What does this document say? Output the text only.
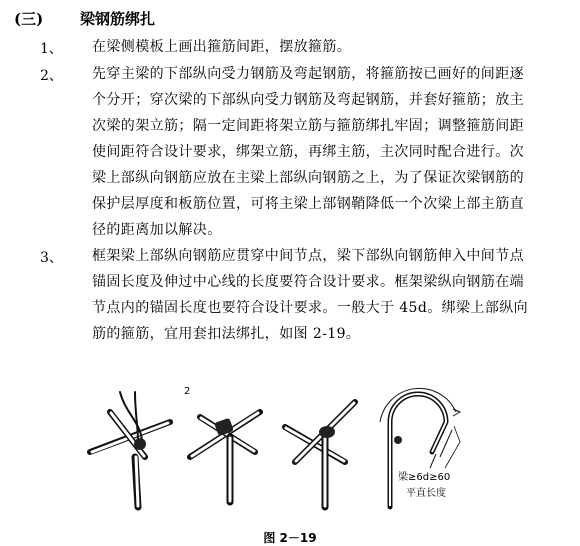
(三) 梁钢筋绑扎
1、 在梁侧模板上画出箍筋间距，摆放箍筋。
2、 先穿主梁的下部纵向受力钢筋及弯起钢筋，将箍筋按已画好的间距逐
个分开；穿次梁的下部纵向受力钢筋及弯起钢筋，并套好箍筋；放主
次梁的架立筋；隔一定间距将架立筋与箍筋绑扎牢固；调整箍筋间距
使间距符合设计要求，绑架立筋，再绑主筋，主次同时配合进行。次
梁上部纵向钢筋应放在主梁上部纵向钢筋之上，为了保证次梁钢筋的
保护层厚度和板筋位置，可将主梁上部钢鞘降低一个次梁上部主筋直
径的距离加以解决。
3、 框架梁上部纵向钢筋应贯穿中间节点，梁下部纵向钢筋伸入中间节点
锚固长度及伸过中心线的长度要符合设计要求。框架梁纵向钢筋在端
节点内的锚固长度也要符合设计要求。一般大于 45d。绑梁上部纵向
筋的箍筋，宜用套扣法绑扎，如图 2-19。
2
梁≥6d≥60
平直长度
图 2－19
